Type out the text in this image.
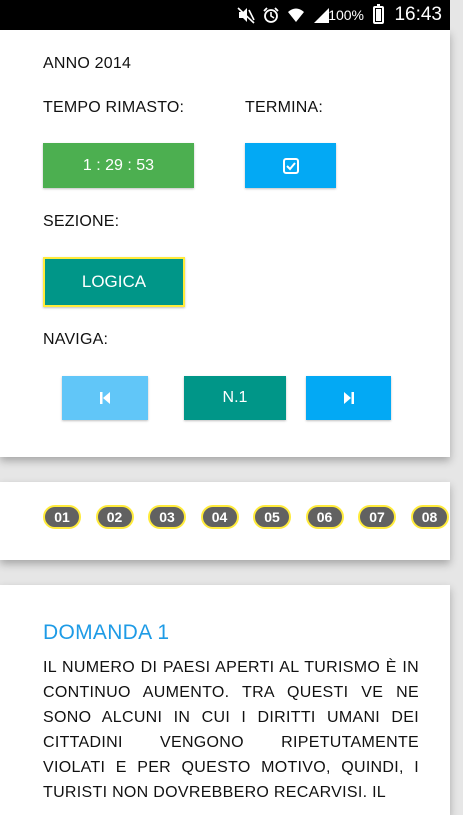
100% 16:43
ANNO 2014
TEMPO RIMASTO:	TERMINA:
1 : 29 : 53
SEZIONE:
LOGICA
NAVIGA:
N.1
01	02	03	04	05	06	07	08
DOMANDA 1
IL NUMERO DI PAESI APERTI AL TURISMO È IN CONTINUO AUMENTO. TRA QUESTI VE NE SONO ALCUNI IN CUI I DIRITTI UMANI DEI CITTADINI VENGONO RIPETUTAMENTE VIOLATI E PER QUESTO MOTIVO, QUINDI, I TURISTI NON DOVREBBERO RECARVISI. IL
